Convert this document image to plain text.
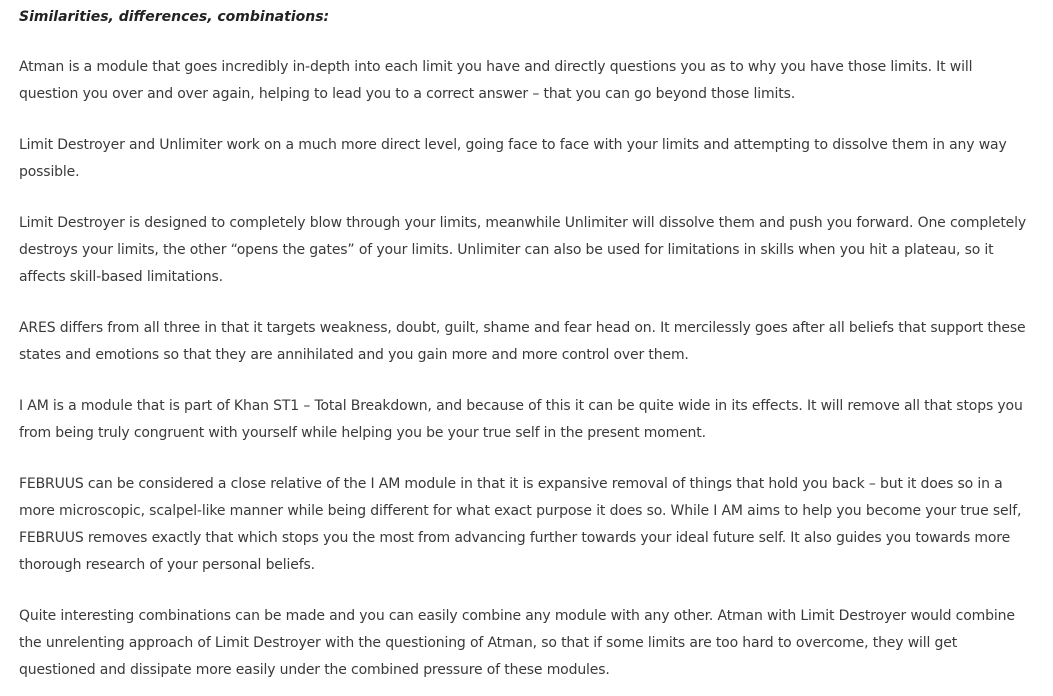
Similarities, differences, combinations:

Atman is a module that goes incredibly in-depth into each limit you have and directly questions you as to why you have those limits. It will question you over and over again, helping to lead you to a correct answer – that you can go beyond those limits.

Limit Destroyer and Unlimiter work on a much more direct level, going face to face with your limits and attempting to dissolve them in any way possible.

Limit Destroyer is designed to completely blow through your limits, meanwhile Unlimiter will dissolve them and push you forward. One completely destroys your limits, the other “opens the gates” of your limits. Unlimiter can also be used for limitations in skills when you hit a plateau, so it affects skill-based limitations.

ARES differs from all three in that it targets weakness, doubt, guilt, shame and fear head on. It mercilessly goes after all beliefs that support these states and emotions so that they are annihilated and you gain more and more control over them.

I AM is a module that is part of Khan ST1 – Total Breakdown, and because of this it can be quite wide in its effects. It will remove all that stops you from being truly congruent with yourself while helping you be your true self in the present moment.

FEBRUUS can be considered a close relative of the I AM module in that it is expansive removal of things that hold you back – but it does so in a more microscopic, scalpel-like manner while being different for what exact purpose it does so. While I AM aims to help you become your true self, FEBRUUS removes exactly that which stops you the most from advancing further towards your ideal future self. It also guides you towards more thorough research of your personal beliefs.

Quite interesting combinations can be made and you can easily combine any module with any other. Atman with Limit Destroyer would combine the unrelenting approach of Limit Destroyer with the questioning of Atman, so that if some limits are too hard to overcome, they will get questioned and dissipate more easily under the combined pressure of these modules.
